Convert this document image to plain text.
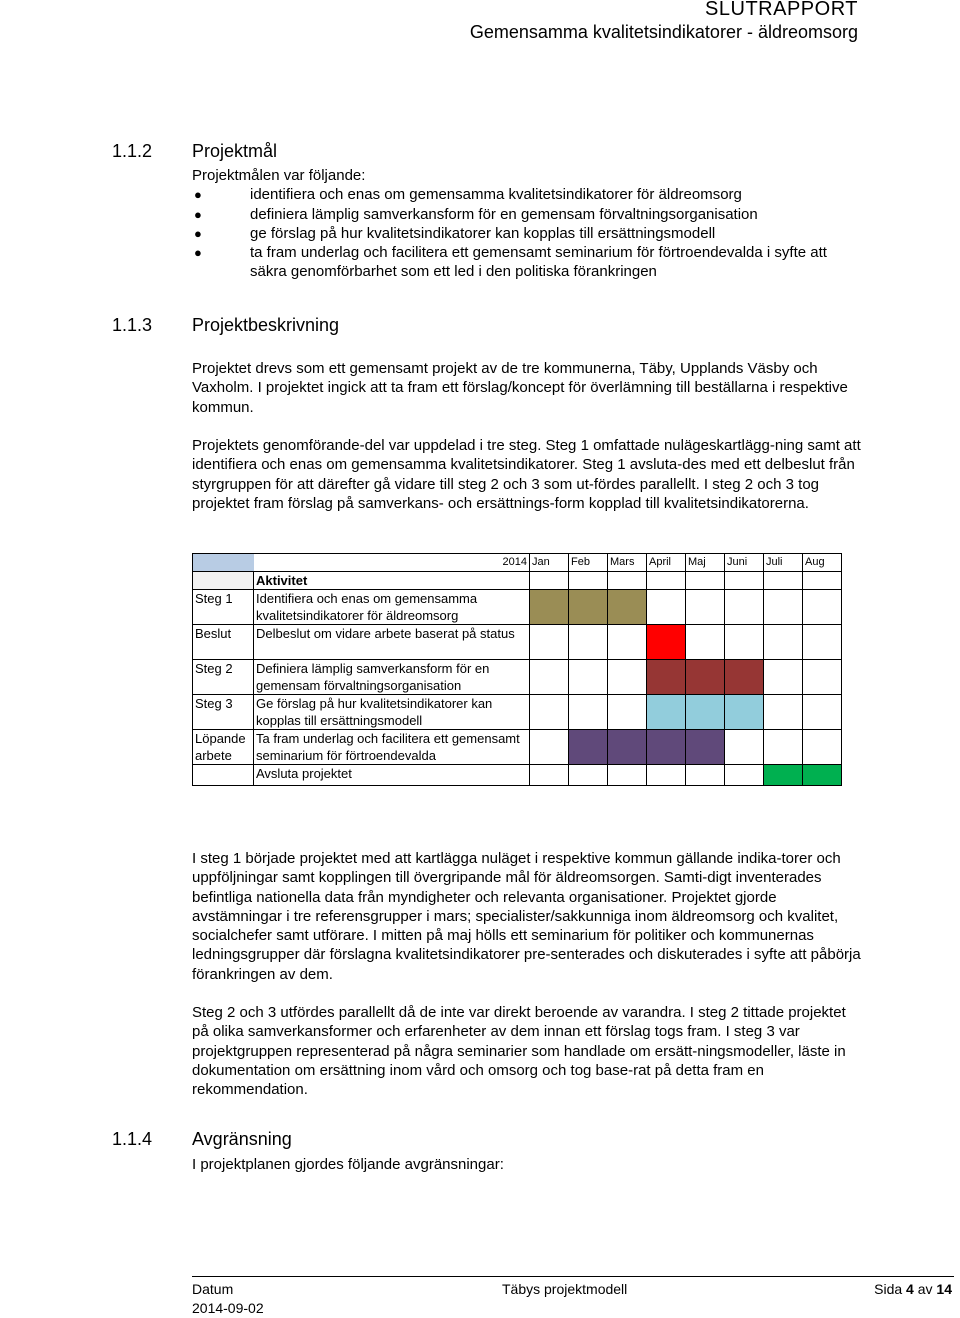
SLUTRAPPORT
Gemensamma kvalitetsindikatorer - äldreomsorg
1.1.2 Projektmål
Projektmålen var följande:
●	identifiera och enas om gemensamma kvalitetsindikatorer för äldreomsorg
●	definiera lämplig samverkansform för en gemensam förvaltningsorganisation
●	ge förslag på hur kvalitetsindikatorer kan kopplas till ersättningsmodell
●	ta fram underlag och facilitera ett gemensamt seminarium för förtroendevalda i syfte att säkra genomförbarhet som ett led i den politiska förankringen
1.1.3 Projektbeskrivning
Projektet drevs som ett gemensamt projekt av de tre kommunerna, Täby, Upplands Väsby och Vaxholm. I projektet ingick att ta fram ett förslag/koncept för överlämning till beställarna i respektive kommun.
Projektets genomförande-del var uppdelad i tre steg. Steg 1 omfattade nulägeskartlägg-ning samt att identifiera och enas om gemensamma kvalitetsindikatorer. Steg 1 avsluta-des med ett delbeslut från styrgruppen för att därefter gå vidare till steg 2 och 3 som ut-fördes parallellt. I steg 2 och 3 tog projektet fram förslag på samverkans- och ersättnings-form kopplad till kvalitetsindikatorerna.
	2014	Jan	Feb	Mars	April	Maj	Juni	Juli	Aug
	Aktivitet								
Steg 1	Identifiera och enas om gemensamma kvalitetsindikatorer för äldreomsorg								
Beslut	Delbeslut om vidare arbete baserat på status								
Steg 2	Definiera lämplig samverkansform för en gemensam förvaltningsorganisation								
Steg 3	Ge förslag på hur kvalitetsindikatorer kan kopplas till ersättningsmodell								
Löpande arbete	Ta fram underlag och facilitera ett gemensamt seminarium för förtroendevalda								
	Avsluta projektet								
I steg 1 började projektet med att kartlägga nuläget i respektive kommun gällande indika-torer och uppföljningar samt kopplingen till övergripande mål för äldreomsorgen. Samti-digt inventerades befintliga nationella data från myndigheter och relevanta organisationer. Projektet gjorde avstämningar i tre referensgrupper i mars; specialister/sakkunniga inom äldreomsorg och kvalitet, socialchefer samt utförare. I mitten på maj hölls ett seminarium för politiker och kommunernas ledningsgrupper där förslagna kvalitetsindikatorer pre-senterades och diskuterades i syfte att påbörja förankringen av dem.
Steg 2 och 3 utfördes parallellt då de inte var direkt beroende av varandra. I steg 2 tittade projektet på olika samverkansformer och erfarenheter av dem innan ett förslag togs fram. I steg 3 var projektgruppen representerad på några seminarier som handlade om ersätt-ningsmodeller, läste in dokumentation om ersättning inom vård och omsorg och tog base-rat på detta fram en rekommendation.
1.1.4 Avgränsning
I projektplanen gjordes följande avgränsningar:
Datum
2014-09-02
Täbys projektmodell	Sida 4 av 14
